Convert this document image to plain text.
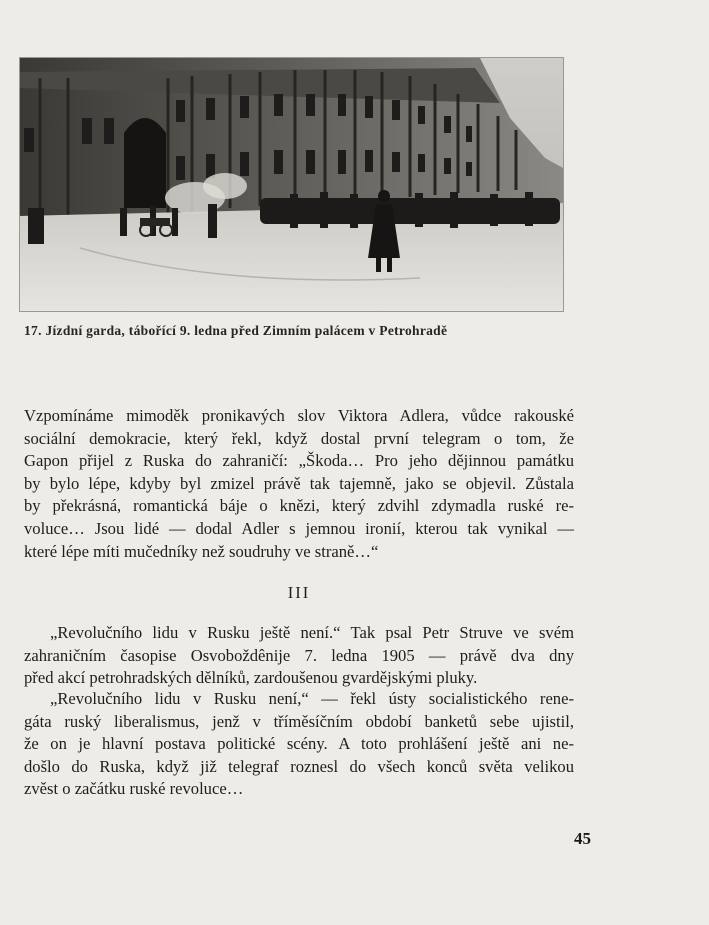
17. Jízdní garda, tábořící 9. ledna před Zimním palácem v Petrohradě
Vzpomínáme mimoděk pronikavých slov Viktora Adlera, vůdce rakouské
sociální demokracie, který řekl, když dostal první telegram o tom, že
Gapon přijel z Ruska do zahraničí: „Škoda… Pro jeho dějinnou památku
by bylo lépe, kdyby byl zmizel právě tak tajemně, jako se objevil. Zůstala
by překrásná, romantická báje o knězi, který zdvihl zdymadla ruské re-
voluce… Jsou lidé — dodal Adler s jemnou ironií, kterou tak vynikal —
které lépe míti mučedníky než soudruhy ve straně…“
III
„Revolučního lidu v Rusku ještě není.“ Tak psal Petr Struve ve svém
zahraničním časopise Osvoboždênije 7. ledna 1905 — právě dva dny
před akcí petrohradských dělníků, zardoušenou gvardějskými pluky.
„Revolučního lidu v Rusku není,“ — řekl ústy socialistického rene-
gáta ruský liberalismus, jenž v tříměsíčním období banketů sebe ujistil,
že on je hlavní postava politické scény. A toto prohlášení ještě ani ne-
došlo do Ruska, když již telegraf roznesl do všech konců světa velikou
zvěst o začátku ruské revoluce…
45
